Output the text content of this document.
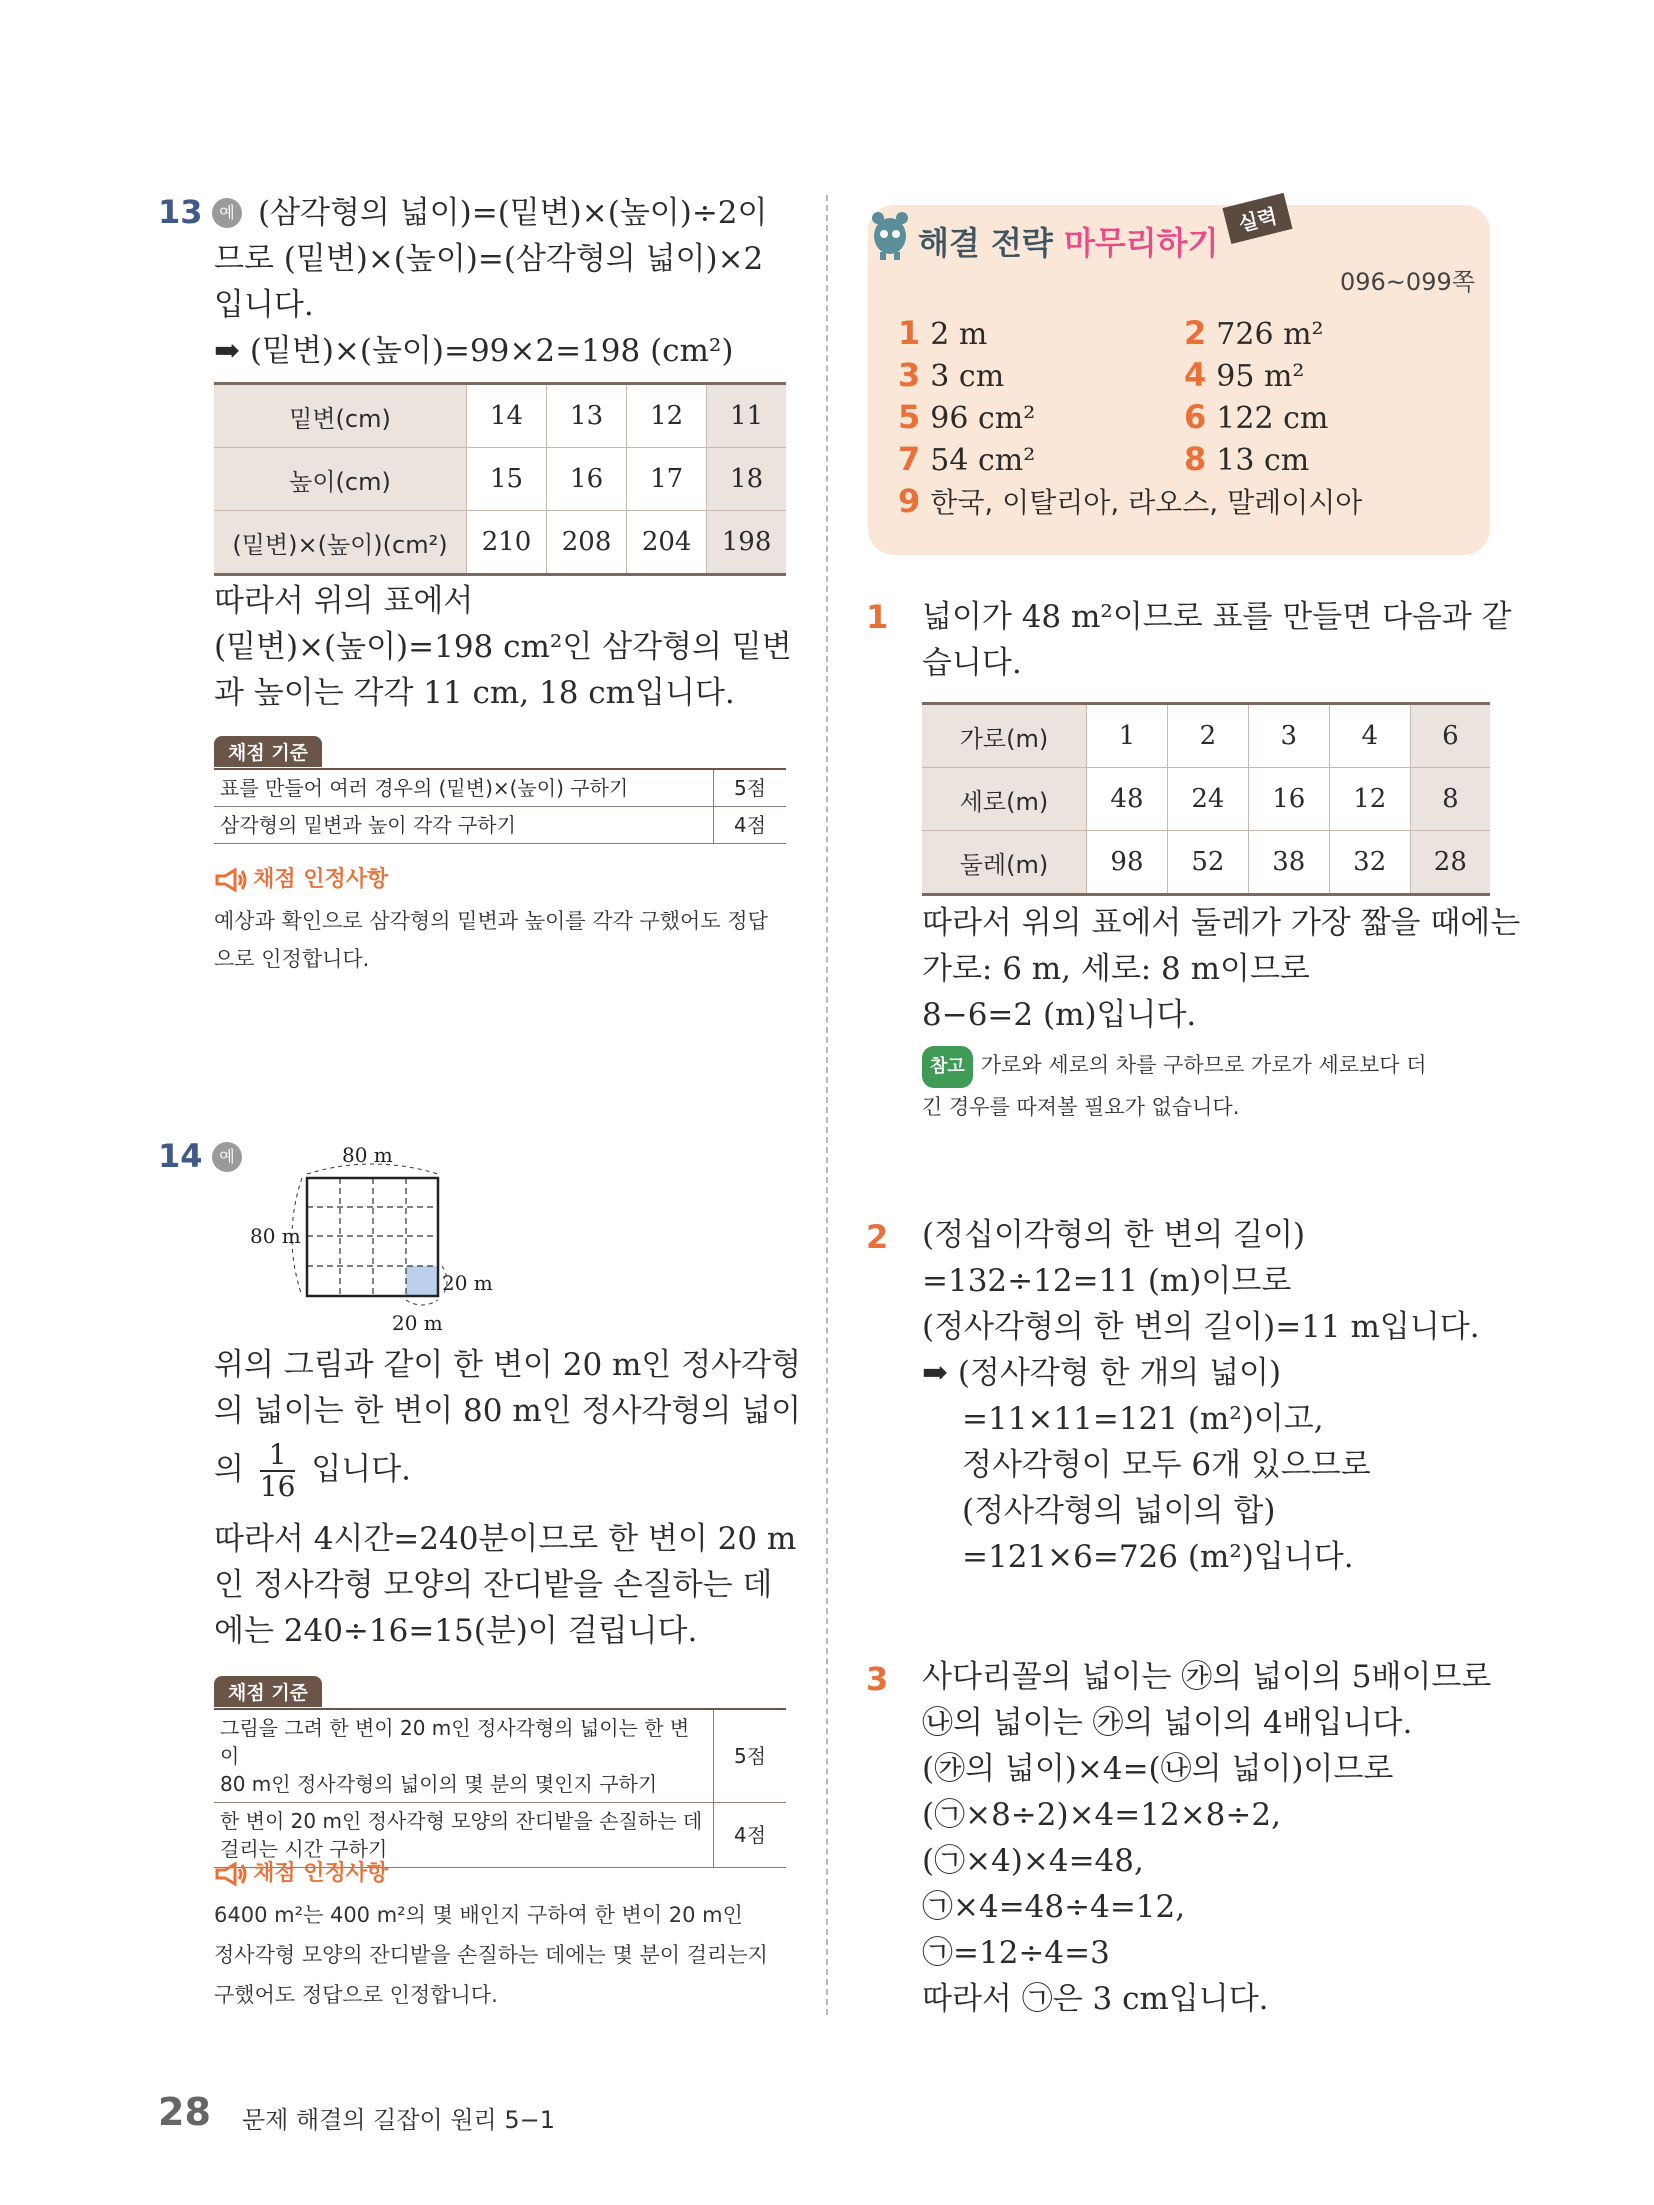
13	예 (삼각형의 넓이)=(밑변)×(높이)÷2이
므로 (밑변)×(높이)=(삼각형의 넓이)×2
입니다.
➡ (밑변)×(높이)=99×2=198 (cm²)
밑변(cm)	14	13	12	11
높이(cm)	15	16	17	18
(밑변)×(높이)(cm²)	210	208	204	198
따라서 위의 표에서
(밑변)×(높이)=198 cm²인 삼각형의 밑변
과 높이는 각각 11 cm, 18 cm입니다.
채점 기준
표를 만들어 여러 경우의 (밑변)×(높이) 구하기	5점
삼각형의 밑변과 높이 각각 구하기	4점
채점 인정사항
예상과 확인으로 삼각형의 밑변과 높이를 각각 구했어도 정답
으로 인정합니다.
14	예	80 m
80 m
20 m
20 m
위의 그림과 같이 한 변이 20 m인 정사각형
의 넓이는 한 변이 80 m인 정사각형의 넓이
의 $\frac{1}{16}$ 입니다.
따라서 4시간=240분이므로 한 변이 20 m
인 정사각형 모양의 잔디밭을 손질하는 데
에는 240÷16=15(분)이 걸립니다.
채점 기준
그림을 그려 한 변이 20 m인 정사각형의 넓이는 한 변이
80 m인 정사각형의 넓이의 몇 분의 몇인지 구하기	5점

한 변이 20 m인 정사각형 모양의 잔디밭을 손질하는 데
걸리는 시간 구하기	4점
채점 인정사항
6400 m²는 400 m²의 몇 배인지 구하여 한 변이 20 m인
정사각형 모양의 잔디밭을 손질하는 데에는 몇 분이 걸리는지
구했어도 정답으로 인정합니다.
해결 전략 마무리하기
실력
096~099쪽
1 2 m	2 726 m²
3 3 cm	4 95 m²
5 96 cm²	6 122 cm
7 54 cm²	8 13 cm
9 한국, 이탈리아, 라오스, 말레이시아
1 넓이가 48 m²이므로 표를 만들면 다음과 같
습니다.
가로(m)	1	2	3	4	6
세로(m)	48	24	16	12	8
둘레(m)	98	52	38	32	28
따라서 위의 표에서 둘레가 가장 짧을 때에는
가로: 6 m, 세로: 8 m이므로
8−6=2 (m)입니다.
참고 가로와 세로의 차를 구하므로 가로가 세로보다 더
긴 경우를 따져볼 필요가 없습니다.
2 (정십이각형의 한 변의 길이)
=132÷12=11 (m)이므로
(정사각형의 한 변의 길이)=11 m입니다.
➡ (정사각형 한 개의 넓이)
=11×11=121 (m²)이고,
정사각형이 모두 6개 있으므로
(정사각형의 넓이의 합)
=121×6=726 (m²)입니다.
3 사다리꼴의 넓이는 ㉮의 넓이의 5배이므로
㉯의 넓이는 ㉮의 넓이의 4배입니다.
(㉮의 넓이)×4=(㉯의 넓이)이므로
(㉠×8÷2)×4=12×8÷2,
(㉠×4)×4=48,
㉠×4=48÷4=12,
㉠=12÷4=3
따라서 ㉠은 3 cm입니다.
28 문제 해결의 길잡이 원리 5−1
